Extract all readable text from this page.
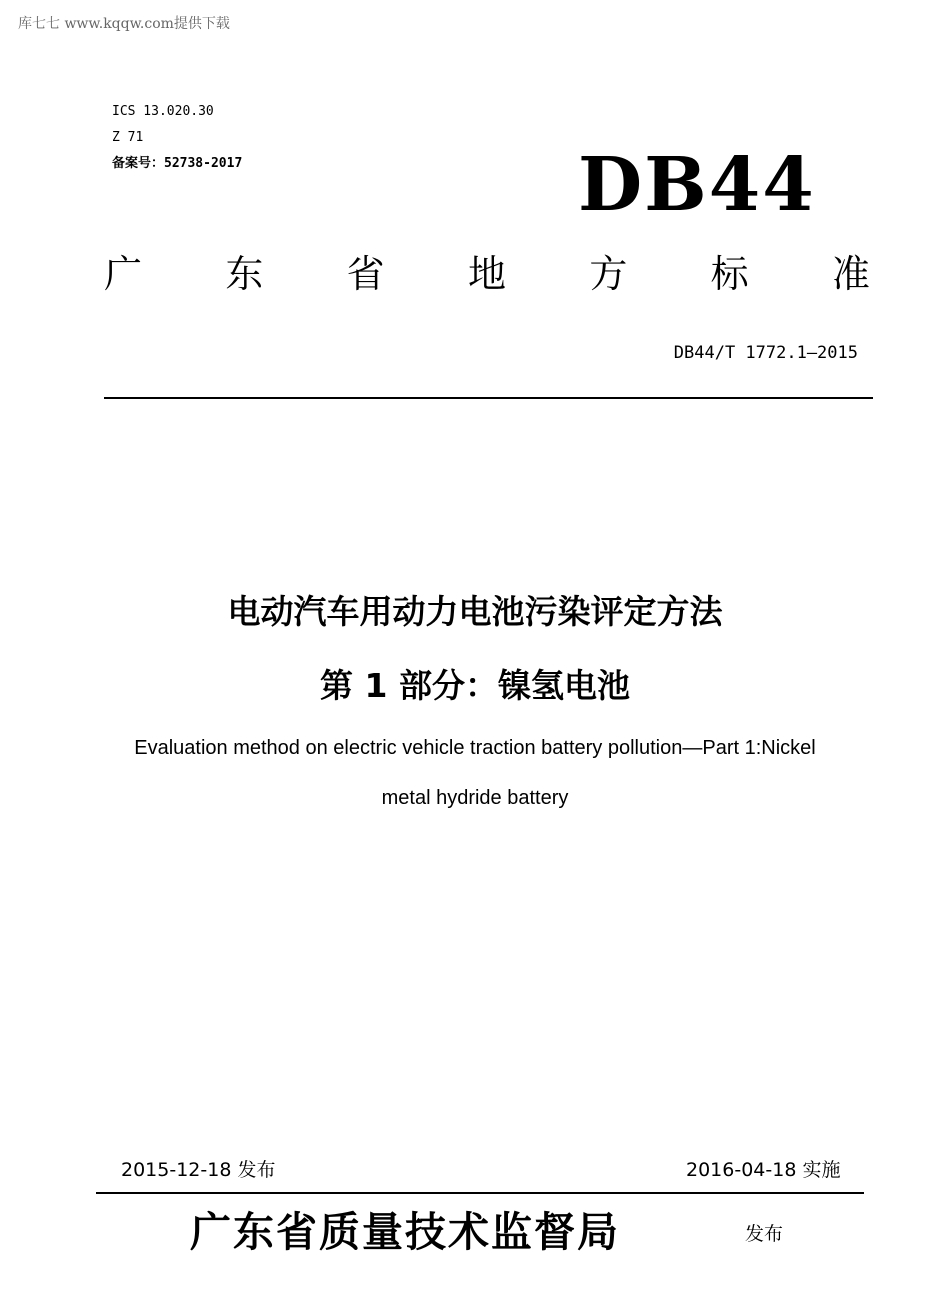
库七七 www.kqqw.com提供下载
ICS 13.020.30
Z 71
备案号：52738-2017	DB44
广 东 省 地 方 标 准
DB44/T 1772.1—2015
电动汽车用动力电池污染评定方法
第 1 部分：镍氢电池
Evaluation method on electric vehicle traction battery pollution—Part 1:Nickel
metal hydride battery
2015-12-18 发布	2016-04-18 实施
广东省质量技术监督局	发布
